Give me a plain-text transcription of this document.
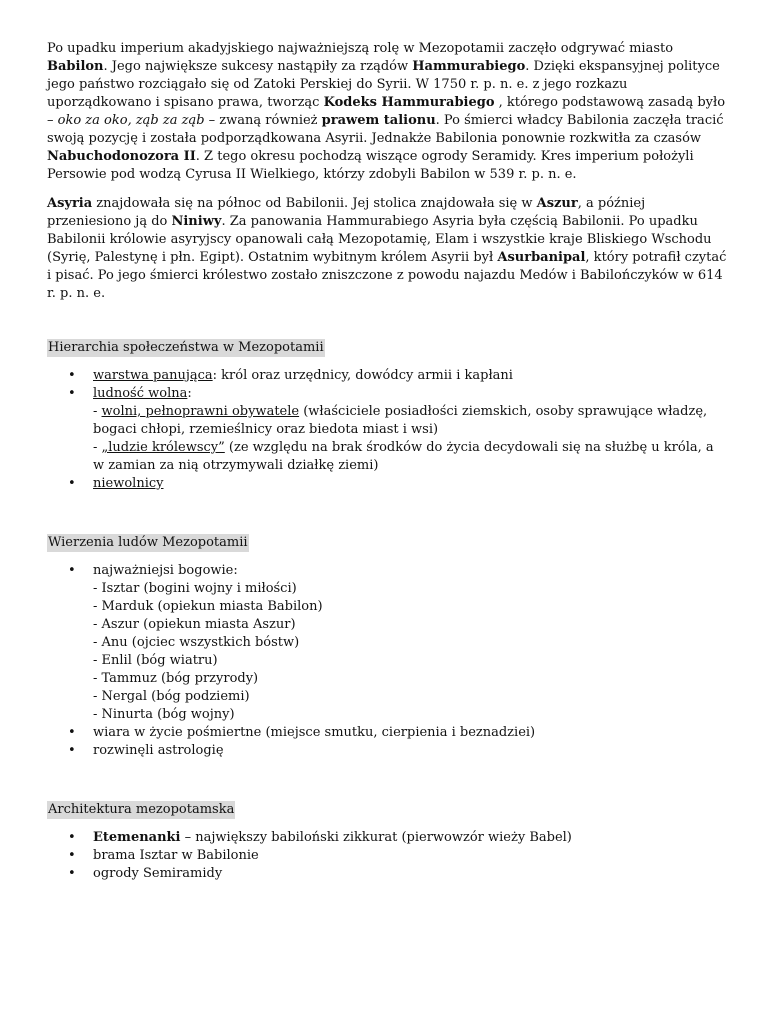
Po upadku imperium akadyjskiego najważniejszą rolę w Mezopotamii zaczęło odgrywać miasto Babilon. Jego największe sukcesy nastąpiły za rządów Hammurabiego. Dzięki ekspansyjnej polityce jego państwo rozciągało się od Zatoki Perskiej do Syrii. W 1750 r. p. n. e. z jego rozkazu uporządkowano i spisano prawa, tworząc Kodeks Hammurabiego , którego podstawową zasadą było – oko za oko, ząb za ząb – zwaną również prawem talionu. Po śmierci władcy Babilonia zaczęła tracić swoją pozycję i została podporządkowana Asyrii. Jednakże Babilonia ponownie rozkwitła za czasów Nabuchodonozora II. Z tego okresu pochodzą wiszące ogrody Seramidy. Kres imperium położyli Persowie pod wodzą Cyrusa II Wielkiego, którzy zdobyli Babilon w 539 r. p. n. e.

Asyria znajdowała się na północ od Babilonii. Jej stolica znajdowała się w Aszur, a później przeniesiono ją do Niniwy. Za panowania Hammurabiego Asyria była częścią Babilonii. Po upadku Babilonii królowie asyryjscy opanowali całą Mezopotamię, Elam i wszystkie kraje Bliskiego Wschodu (Syrię, Palestynę i płn. Egipt). Ostatnim wybitnym królem Asyrii był Asurbanipal, który potrafił czytać i pisać. Po jego śmierci królestwo zostało zniszczone z powodu najazdu Medów i Babilończyków w 614 r. p. n. e.

Hierarchia społeczeństwa w Mezopotamii
• warstwa panująca: król oraz urzędnicy, dowódcy armii i kapłani
• ludność wolna:
- wolni, pełnoprawni obywatele (właściciele posiadłości ziemskich, osoby sprawujące władzę, bogaci chłopi, rzemieślnicy oraz biedota miast i wsi)
- „ludzie królewscy” (ze względu na brak środków do życia decydowali się na służbę u króla, a w zamian za nią otrzymywali działkę ziemi)
• niewolnicy
Wierzenia ludów Mezopotamii
• najważniejsi bogowie:
- Isztar (bogini wojny i miłości)
- Marduk (opiekun miasta Babilon)
- Aszur (opiekun miasta Aszur)
- Anu (ojciec wszystkich bóstw)
- Enlil (bóg wiatru)
- Tammuz (bóg przyrody)
- Nergal (bóg podziemi)
- Ninurta (bóg wojny)
• wiara w życie pośmiertne (miejsce smutku, cierpienia i beznadziei)
• rozwinęli astrologię
Architektura mezopotamska
• Etemenanki – największy babiloński zikkurat (pierwowzór wieży Babel)
• brama Isztar w Babilonie
• ogrody Semiramidy
